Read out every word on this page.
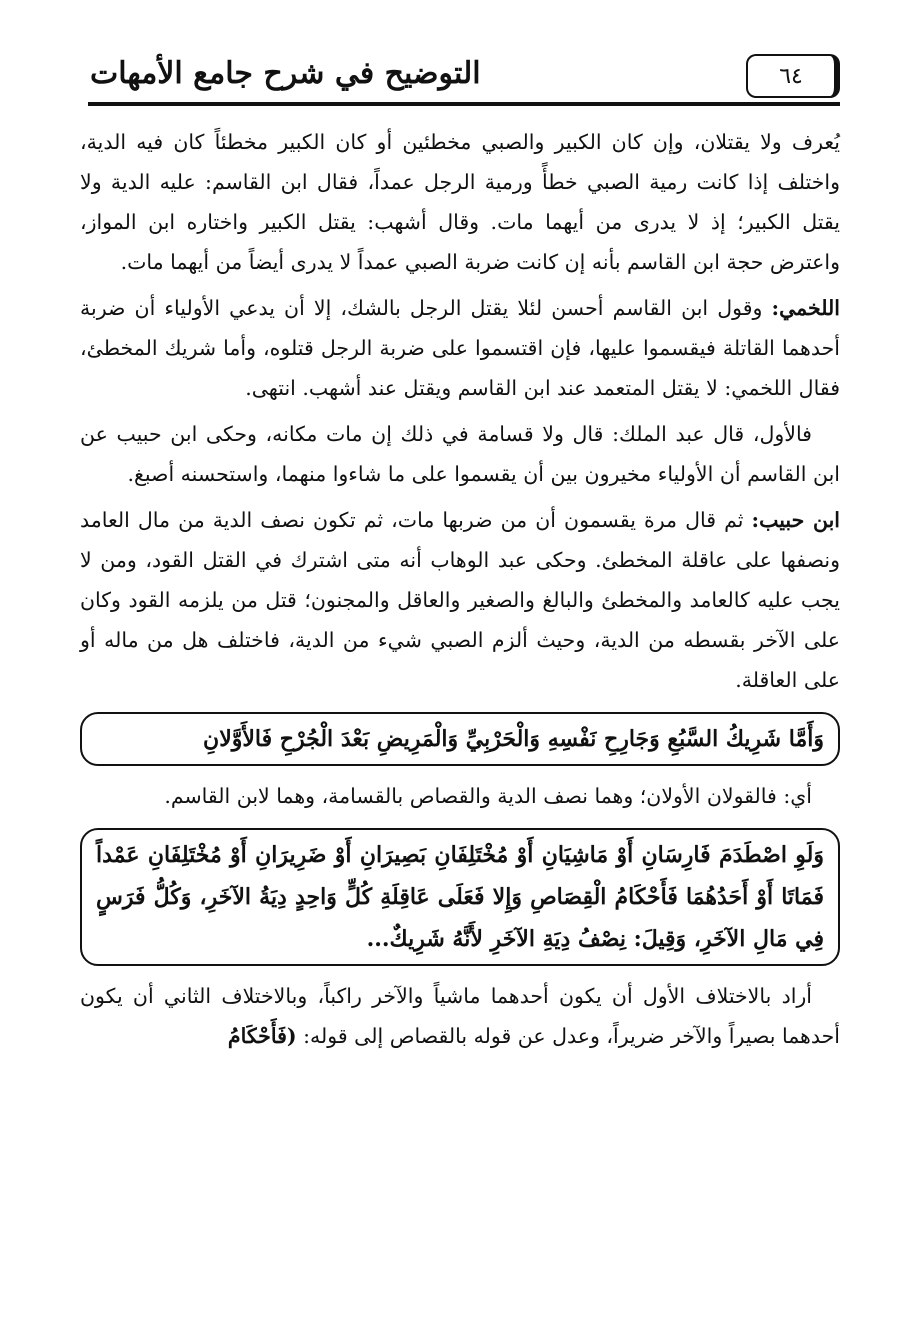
٦٤
التوضيح في شرح جامع الأمهات

يُعرف ولا يقتلان، وإن كان الكبير والصبي مخطئين أو كان الكبير مخطئاً كان فيه الدية، واختلف إذا كانت رمية الصبي خطأً ورمية الرجل عمداً، فقال ابن القاسم: عليه الدية ولا يقتل الكبير؛ إذ لا يدرى من أيهما مات. وقال أشهب: يقتل الكبير واختاره ابن المواز، واعترض حجة ابن القاسم بأنه إن كانت ضربة الصبي عمداً لا يدرى أيضاً من أيهما مات.

اللخمي: وقول ابن القاسم أحسن لئلا يقتل الرجل بالشك، إلا أن يدعي الأولياء أن ضربة أحدهما القاتلة فيقسموا عليها، فإن اقتسموا على ضربة الرجل قتلوه، وأما شريك المخطئ، فقال اللخمي: لا يقتل المتعمد عند ابن القاسم ويقتل عند أشهب. انتهى.

فالأول، قال عبد الملك: قال ولا قسامة في ذلك إن مات مكانه، وحكى ابن حبيب عن ابن القاسم أن الأولياء مخيرون بين أن يقسموا على ما شاءوا منهما، واستحسنه أصبغ.

ابن حبيب: ثم قال مرة يقسمون أن من ضربها مات، ثم تكون نصف الدية من مال العامد ونصفها على عاقلة المخطئ. وحكى عبد الوهاب أنه متى اشترك في القتل القود، ومن لا يجب عليه كالعامد والمخطئ والبالغ والصغير والعاقل والمجنون؛ قتل من يلزمه القود وكان على الآخر بقسطه من الدية، وحيث ألزم الصبي شيء من الدية، فاختلف هل من ماله أو على العاقلة.

وَأَمَّا شَرِيكُ السَّبُعِ وَجَارِحِ نَفْسِهِ وَالْحَرْبِيِّ وَالْمَرِيضِ بَعْدَ الْجُرْحِ فَالأَوَّلانِ

أي: فالقولان الأولان؛ وهما نصف الدية والقصاص بالقسامة، وهما لابن القاسم.

وَلَوِ اصْطَدَمَ فَارِسَانِ أَوْ مَاشِيَانِ أَوْ مُخْتَلِفَانِ بَصِيرَانِ أَوْ ضَرِيرَانِ أَوْ مُخْتَلِفَانِ عَمْداً فَمَاتَا أَوْ أَحَدُهُمَا فَأَحْكَامُ الْقِصَاصِ وَإِلا فَعَلَى عَاقِلَةِ كُلٍّ وَاحِدٍ دِيَةُ الآخَرِ، وَكُلُّ فَرَسٍ فِي مَالِ الآخَرِ، وَقِيلَ: نِصْفُ دِيَةِ الآخَرِ لأَنَّهُ شَرِيكٌ...

أراد بالاختلاف الأول أن يكون أحدهما ماشياً والآخر راكباً، وبالاختلاف الثاني أن يكون أحدهما بصيراً والآخر ضريراً، وعدل عن قوله بالقصاص إلى قوله: (فَأَحْكَامُ
